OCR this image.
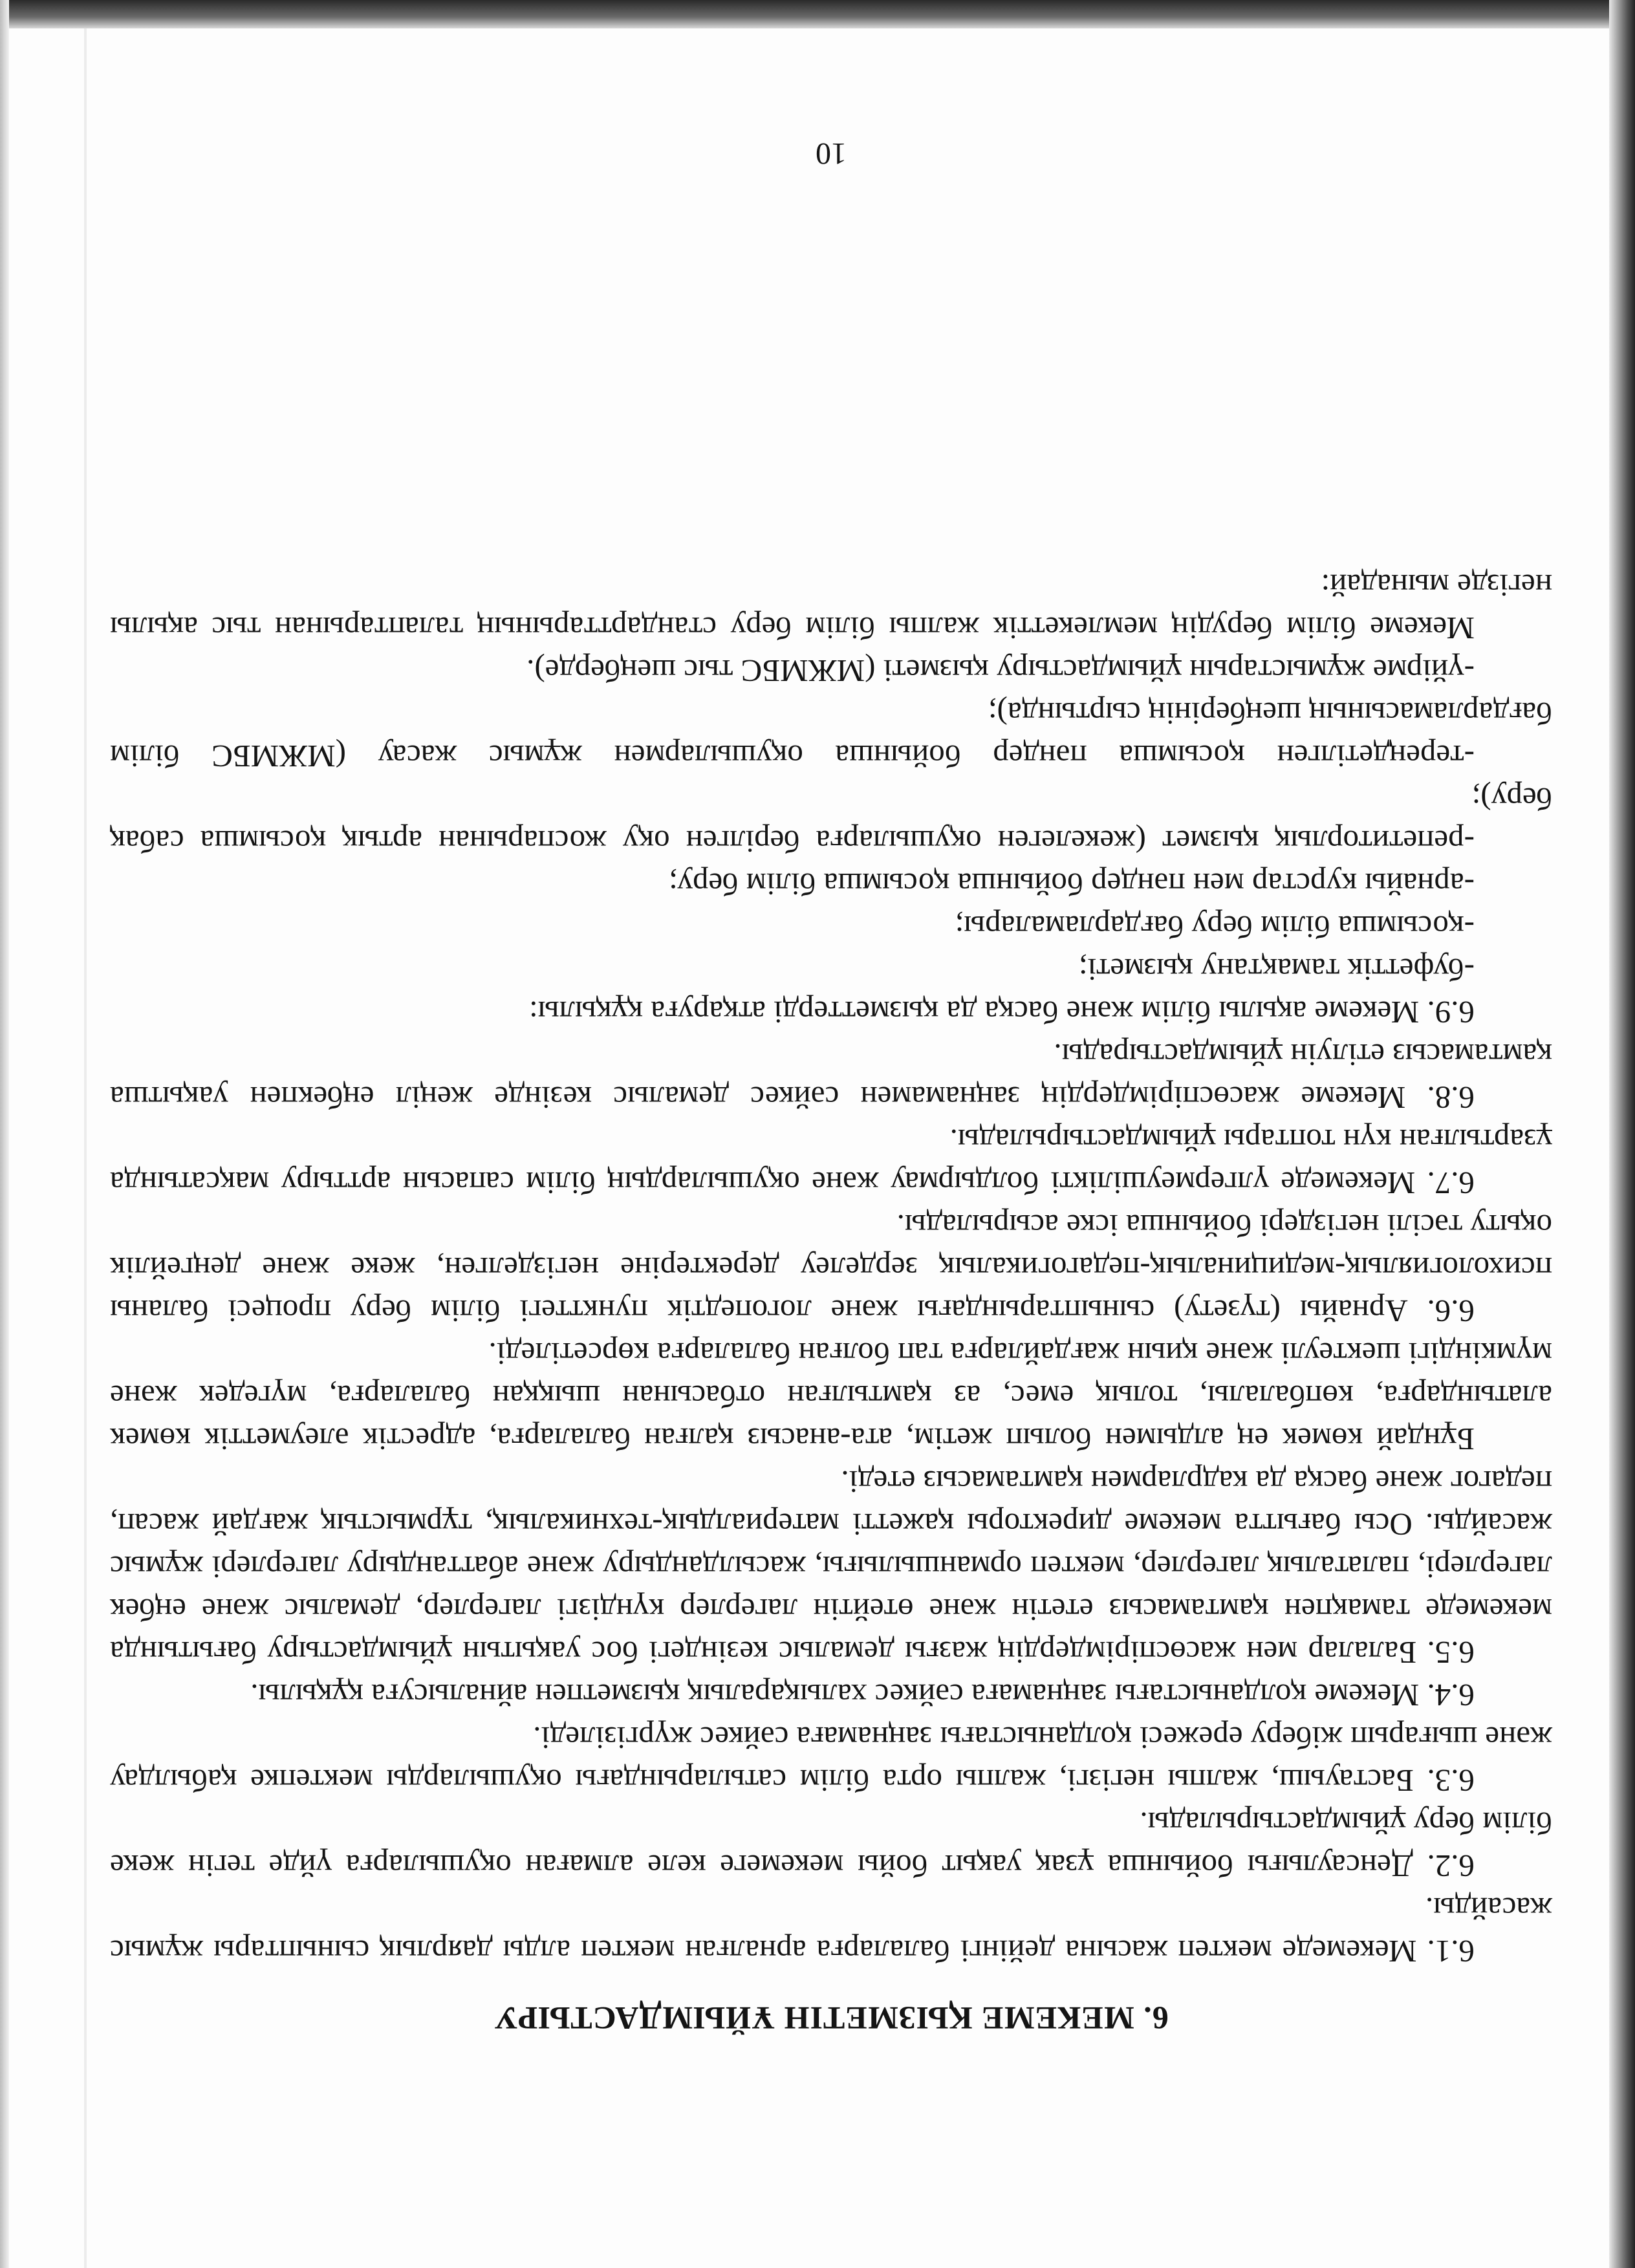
6. МЕКЕМЕ ҚЫЗМЕТІН ҰЙЫМДАСТЫРУ

6.1. Мекемеде мектеп жасына дейінгі балаларға арналған мектеп алды даярлық сыныптары жұмыс жасайды.

6.2. Денсаулығы бойынша ұзақ уақыт бойы мекемеге келе алмаған оқушыларға үйде тегін жеке білім беру ұйымдастырылады.

6.3. Бастауыш, жалпы негізгі, жалпы орта білім сатыларындағы оқушыларды мектепке қабылдау және шығарып жіберу ережесі қолданыстағы заңнамаға сәйкес жүргізіледі.

6.4. Мекеме қолданыстағы заңнамаға сәйкес халықаралық қызметпен айналысуға құқылы.

6.5. Балалар мен жасөспірімдердің жазғы демалыс кезіндегі бос уақытын ұйымдастыру бағытында мекемеде тамақпен қамтамасыз ететін және өтейтін лагерлер күндізгі лагерлер, демалыс және еңбек лагерлері, палаталық лагерлер, мектеп орманшылығы, жасылдандыру және абаттандыру лагерлері жұмыс жасайды. Осы бағытта мекеме директоры қажетті материалдық-техникалық, тұрмыстық жағдай жасап, педагог және басқа да кадрлармен қамтамасыз етеді.

Бұндай көмек ең алдымен болып жетім, ата-анасыз қалған балаларға, адрестік әлеуметтік көмек алатындарға, көпбалалы, толық емес, аз қамтылған отбасынан шыққан балаларға, мүгедек және мүмкіндігі шектеулі және қиын жағдайларға тап болған балаларға көрсетіледі.

6.6. Арнайы (түзету) сыныптарындағы және логопедтік пункттегі білім беру процесі баланы психологиялық-медициналық-педагогикалық зерделеу деректеріне негізделген, жеке және деңгейлік оқыту тәсілі негіздері бойынша іске асырылады.

6.7. Мекемеде үлгермеушілікті болдырмау және оқушылардың білім сапасын арттыру мақсатында ұзартылған күн топтары ұйымдастырылады.

6.8. Мекеме жасөспірімдердің заңнамамен сәйкес демалыс кезінде жеңіл еңбекпен уақытша қамтамасыз етілуін ұйымдастырады.

6.9. Мекеме ақылы білім және басқа да қызметтерді атқаруға құқылы:

-буфеттік тамақтану қызметі;

-қосымша білім беру бағдарламалары;

-арнайы курстар мен пәндер бойынша қосымша білім беру;

-репетиторлық қызмет (жекелеген оқушыларға берілген оқу жоспарынан артық қосымша сабақ беру);

-тереңдетілген қосымша пәндер бойынша оқушылармен жұмыс жасау (МЖМБС білім бағдарламасының шеңберінің сыртында);

-үйірме жұмыстарын ұйымдастыру қызметі (МЖМБС тыс шеңберде).

Мекеме білім берудің мемлекеттік жалпы білім беру стандарттарының талаптарынан тыс ақылы негізде мынадай:

10
